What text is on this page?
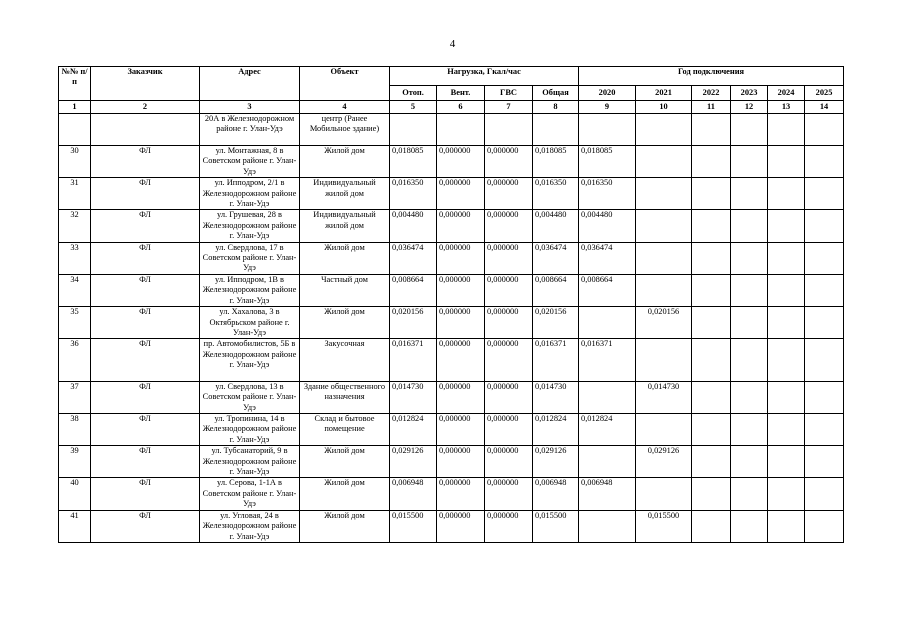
4
№№ п/п	Заказчик	Адрес	Объект	Нагрузка, Гкал/час				Год подключения					
				Отоп.	Вент.	ГВС	Общая	2020	2021	2022	2023	2024	2025
1	2	3	4	5	6	7	8	9	10	11	12	13	14
		20А в Железнодорожном районе г. Улан-Удэ	центр (Ранее Мобильное здание)										
30	ФЛ	ул. Монтажная, 8 в Советском районе г. Улан-Удэ	Жилой дом	0,018085	0,000000	0,000000	0,018085	0,018085					
31	ФЛ	ул. Ипподром, 2/1 в Железнодорожном районе г. Улан-Удэ	Индивидуальный жилой дом	0,016350	0,000000	0,000000	0,016350	0,016350					
32	ФЛ	ул. Грушевая, 28 в Железнодорожном районе г. Улан-Удэ	Индивидуальный жилой дом	0,004480	0,000000	0,000000	0,004480	0,004480					
33	ФЛ	ул. Свердлова, 17 в Советском районе г. Улан-Удэ	Жилой дом	0,036474	0,000000	0,000000	0,036474	0,036474					
34	ФЛ	ул. Ипподром, 1В в Железнодорожном районе г. Улан-Удэ	Частный дом	0,008664	0,000000	0,000000	0,008664	0,008664					
35	ФЛ	ул. Хахалова, 3 в Октябрьском районе г. Улан-Удэ	Жилой дом	0,020156	0,000000	0,000000	0,020156		0,020156				
36	ФЛ	пр. Автомобилистов, 5Б в Железнодорожном районе г. Улан-Удэ	Закусочная	0,016371	0,000000	0,000000	0,016371	0,016371					
37	ФЛ	ул. Свердлова, 13 в Советском районе г. Улан-Удэ	Здание общественного назначения	0,014730	0,000000	0,000000	0,014730		0,014730				
38	ФЛ	ул. Тропинина, 14 в Железнодорожном районе г. Улан-Удэ	Склад и бытовое помещение	0,012824	0,000000	0,000000	0,012824	0,012824					
39	ФЛ	ул. Тубсанаторий, 9 в Железнодорожном районе г. Улан-Удэ	Жилой дом	0,029126	0,000000	0,000000	0,029126		0,029126				
40	ФЛ	ул. Серова, 1-1А в Советском районе г. Улан-Удэ	Жилой дом	0,006948	0,000000	0,000000	0,006948	0,006948					
41	ФЛ	ул. Угловая, 24 в Железнодорожном районе г. Улан-Удэ	Жилой дом	0,015500	0,000000	0,000000	0,015500		0,015500				
